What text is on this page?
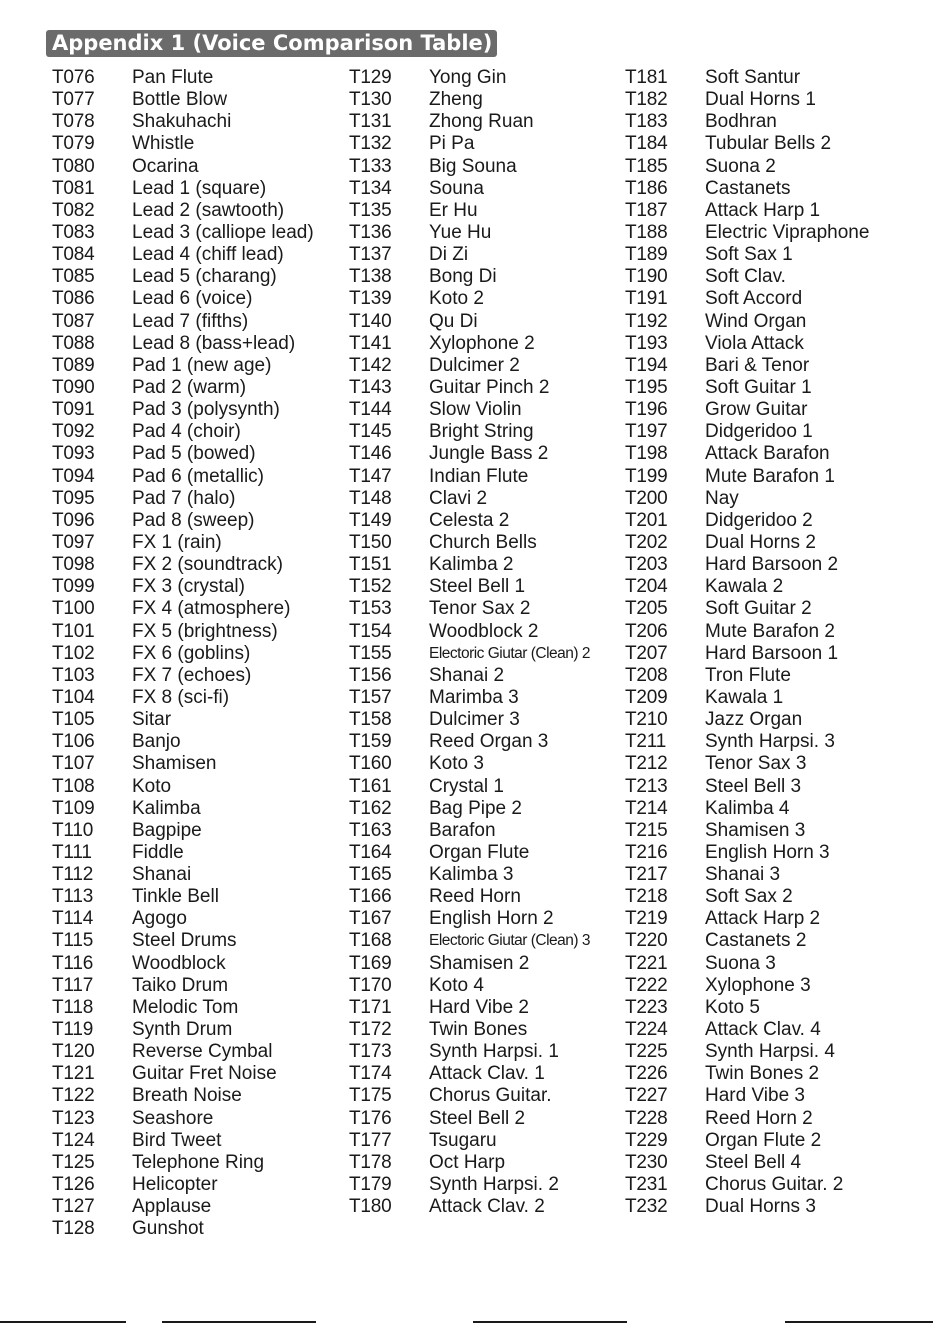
Appendix 1 (Voice Comparison Table)
T076	Pan Flute
T077	Bottle Blow
T078	Shakuhachi
T079	Whistle
T080	Ocarina
T081	Lead 1 (square)
T082	Lead 2 (sawtooth)
T083	Lead 3 (calliope lead)
T084	Lead 4 (chiff lead)
T085	Lead 5 (charang)
T086	Lead 6 (voice)
T087	Lead 7 (fifths)
T088	Lead 8 (bass+lead)
T089	Pad 1 (new age)
T090	Pad 2 (warm)
T091	Pad 3 (polysynth)
T092	Pad 4 (choir)
T093	Pad 5 (bowed)
T094	Pad 6 (metallic)
T095	Pad 7 (halo)
T096	Pad 8 (sweep)
T097	FX 1 (rain)
T098	FX 2 (soundtrack)
T099	FX 3 (crystal)
T100	FX 4 (atmosphere)
T101	FX 5 (brightness)
T102	FX 6 (goblins)
T103	FX 7 (echoes)
T104	FX 8 (sci-fi)
T105	Sitar
T106	Banjo
T107	Shamisen
T108	Koto
T109	Kalimba
T110	Bagpipe
T111	Fiddle
T112	Shanai
T113	Tinkle Bell
T114	Agogo
T115	Steel Drums
T116	Woodblock
T117	Taiko Drum
T118	Melodic Tom
T119	Synth Drum
T120	Reverse Cymbal
T121	Guitar Fret Noise
T122	Breath Noise
T123	Seashore
T124	Bird Tweet
T125	Telephone Ring
T126	Helicopter
T127	Applause
T128	Gunshot
T129	Yong Gin
T130	Zheng
T131	Zhong Ruan
T132	Pi Pa
T133	Big Souna
T134	Souna
T135	Er Hu
T136	Yue Hu
T137	Di Zi
T138	Bong Di
T139	Koto 2
T140	Qu Di
T141	Xylophone 2
T142	Dulcimer 2
T143	Guitar Pinch 2
T144	Slow Violin
T145	Bright String
T146	Jungle Bass 2
T147	Indian Flute
T148	Clavi 2
T149	Celesta 2
T150	Church Bells
T151	Kalimba 2
T152	Steel Bell 1
T153	Tenor Sax 2
T154	Woodblock 2
T155	Electoric Giutar (Clean) 2
T156	Shanai 2
T157	Marimba 3
T158	Dulcimer 3
T159	Reed Organ 3
T160	Koto 3
T161	Crystal 1
T162	Bag Pipe 2
T163	Barafon
T164	Organ Flute
T165	Kalimba 3
T166	Reed Horn
T167	English Horn 2
T168	Electoric Giutar (Clean) 3
T169	Shamisen 2
T170	Koto 4
T171	Hard Vibe 2
T172	Twin Bones
T173	Synth Harpsi. 1
T174	Attack Clav. 1
T175	Chorus Guitar.
T176	Steel Bell 2
T177	Tsugaru
T178	Oct Harp
T179	Synth Harpsi. 2
T180	Attack Clav. 2
T181	Soft Santur
T182	Dual Horns 1
T183	Bodhran
T184	Tubular Bells 2
T185	Suona 2
T186	Castanets
T187	Attack Harp 1
T188	Electric Vipraphone
T189	Soft Sax 1
T190	Soft Clav.
T191	Soft Accord
T192	Wind Organ
T193	Viola Attack
T194	Bari & Tenor
T195	Soft Guitar 1
T196	Grow Guitar
T197	Didgeridoo 1
T198	Attack Barafon
T199	Mute Barafon 1
T200	Nay
T201	Didgeridoo 2
T202	Dual Horns 2
T203	Hard Barsoon 2
T204	Kawala 2
T205	Soft Guitar 2
T206	Mute Barafon 2
T207	Hard Barsoon 1
T208	Tron Flute
T209	Kawala 1
T210	Jazz Organ
T211	Synth Harpsi. 3
T212	Tenor Sax 3
T213	Steel Bell 3
T214	Kalimba 4
T215	Shamisen 3
T216	English Horn 3
T217	Shanai 3
T218	Soft Sax 2
T219	Attack Harp 2
T220	Castanets 2
T221	Suona 3
T222	Xylophone 3
T223	Koto 5
T224	Attack Clav. 4
T225	Synth Harpsi. 4
T226	Twin Bones 2
T227	Hard Vibe 3
T228	Reed Horn 2
T229	Organ Flute 2
T230	Steel Bell 4
T231	Chorus Guitar. 2
T232	Dual Horns 3
